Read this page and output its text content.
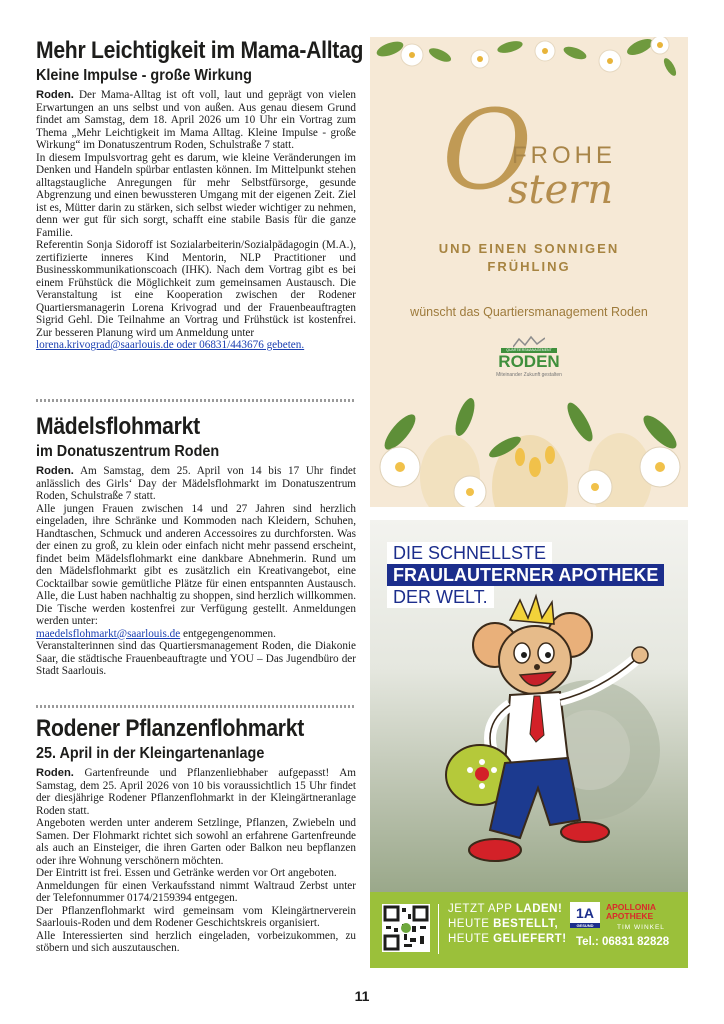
Mehr Leichtigkeit im Mama-Alltag
Kleine Impulse - große Wirkung

Roden. Der Mama-Alltag ist oft voll, laut und geprägt von vielen Erwartungen an uns selbst und von außen. Aus genau diesem Grund findet am Samstag, dem 18. April 2026 um 10 Uhr ein Vortrag zum Thema „Mehr Leichtigkeit im Mama Alltag. Kleine Impulse - große Wirkung“ im Donatuszentrum Roden, Schulstraße 7 statt.

In diesem Impulsvortrag geht es darum, wie kleine Veränderungen im Denken und Handeln spürbar entlasten können. Im Mittelpunkt stehen alltagstaugliche Anregungen für mehr Selbstfürsorge, gesunde Abgrenzung und einen bewussteren Umgang mit der eigenen Zeit. Ziel ist es, Mütter darin zu stärken, sich selbst wieder wichtiger zu nehmen, denn wer gut für sich sorgt, schafft eine stabile Basis für die ganze Familie.

Referentin Sonja Sidoroff ist Sozialarbeiterin/Sozialpädagogin (M.A.), zertifizierte inneres Kind Mentorin, NLP Practitioner und Businesskommunikationscoach (IHK). Nach dem Vortrag gibt es bei einem Frühstück die Möglichkeit zum gemeinsamen Austausch. Die Veranstaltung ist eine Kooperation zwischen der Rodener Quartiersmanagerin Lorena Krivograd und der Frauenbeauftragten Sigrid Gehl. Die Teilnahme an Vortrag und Frühstück ist kostenfrei. Zur besseren Planung wird um Anmeldung unter

lorena.krivograd@saarlouis.de oder 06831/443676 gebeten.

Mädelsflohmarkt
im Donatuszentrum Roden

Roden. Am Samstag, dem 25. April von 14 bis 17 Uhr findet anlässlich des Girls‘ Day der Mädelsflohmarkt im Donatuszentrum Roden, Schulstraße 7 statt.

Alle jungen Frauen zwischen 14 und 27 Jahren sind herzlich eingeladen, ihre Schränke und Kommoden nach Kleidern, Schuhen, Handtaschen, Schmuck und anderen Accessoires zu durchforsten. Was der einen zu groß, zu klein oder einfach nicht mehr passend erscheint, findet beim Mädelsflohmarkt eine dankbare Abnehmerin. Rund um den Mädelsflohmarkt gibt es zusätzlich ein Kreativangebot, eine Cocktailbar sowie gemütliche Plätze für einen entspannten Austausch. Alle, die Lust haben nachhaltig zu shoppen, sind herzlich willkommen. Die Tische werden kostenfrei zur Verfügung gestellt. Anmeldungen werden unter:

maedelsflohmarkt@saarlouis.de entgegengenommen.

Veranstalterinnen sind das Quartiersmanagement Roden, die Diakonie Saar, die städtische Frauenbeauftragte und YOU – Das Jugendbüro der Stadt Saarlouis.

Rodener Pflanzenflohmarkt
25. April in der Kleingartenanlage

Roden. Gartenfreunde und Pflanzenliebhaber aufgepasst! Am Samstag, dem 25. April 2026 von 10 bis voraussichtlich 15 Uhr findet der diesjährige Rodener Pflanzenflohmarkt in der Kleingärtneranlage Roden statt.

Angeboten werden unter anderem Setzlinge, Pflanzen, Zwiebeln und Samen. Der Flohmarkt richtet sich sowohl an erfahrene Gartenfreunde als auch an Einsteiger, die ihren Garten oder Balkon neu bepflanzen oder ihre Wohnung verschönern möchten.

Der Eintritt ist frei. Essen und Getränke werden vor Ort angeboten.

Anmeldungen für einen Verkaufsstand nimmt Waltraud Zerbst unter der Telefonnummer 0174/2159394 entgegen.

Der Pflanzenflohmarkt wird gemeinsam vom Kleingärtnerverein Saarlouis-Roden und dem Rodener Geschichtskreis organisiert.

Alle Interessierten sind herzlich eingeladen, vorbeizukommen, zu stöbern und sich auszutauschen.

O
FROHE
stern
UND EINEN SONNIGEN
FRÜHLING
wünscht das Quartiersmanagement Roden
QUARTIERSMANAGEMENT
RODEN
Miteinander Zukunft gestalten
DIE SCHNELLSTE
FRAULAUTERNER APOTHEKE
DER WELT.
JETZT APP LADEN!
HEUTE BESTELLT,
HEUTE GELIEFERT!
1A
GESUND
APOLLONIA
APOTHEKE
TIM WINKEL
Tel.: 06831 82828
11
